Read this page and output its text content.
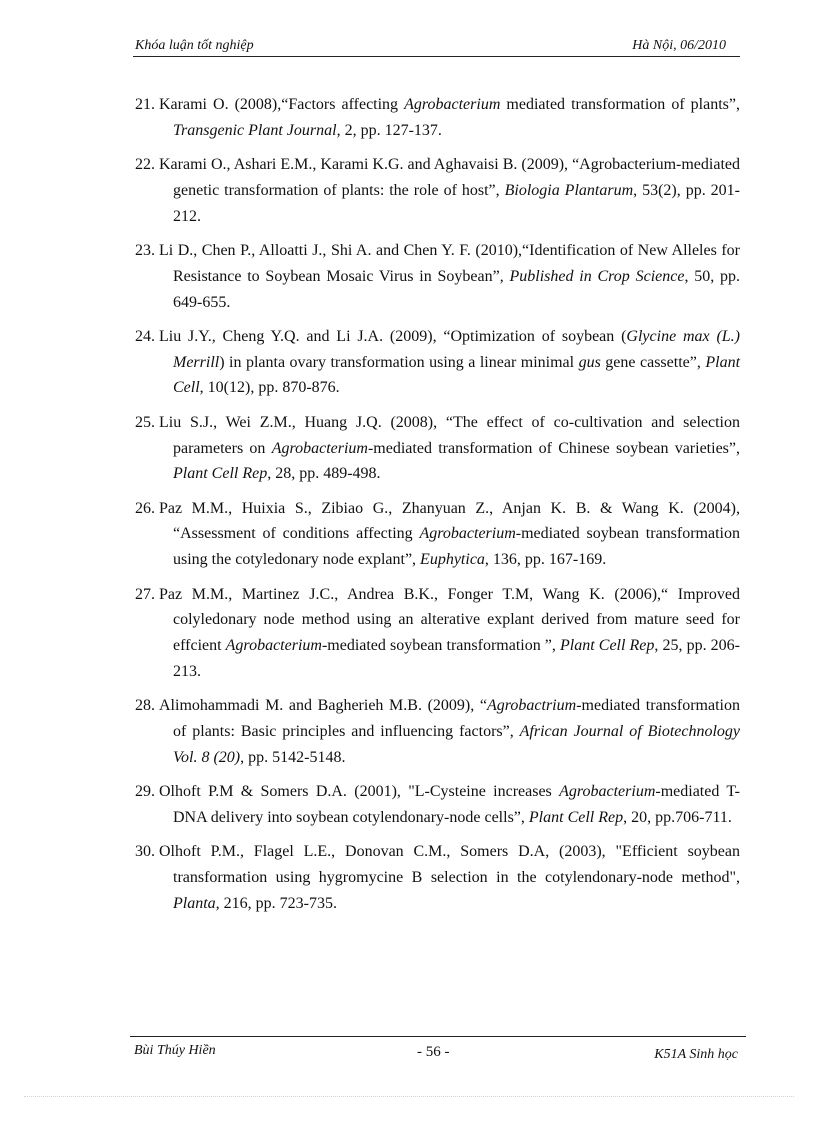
Khóa luận tốt nghiệp	Hà Nội, 06/2010
21. Karami O. (2008),“Factors affecting Agrobacterium mediated transformation of plants”, Transgenic Plant Journal, 2, pp. 127-137.
22. Karami O., Ashari E.M., Karami K.G. and Aghavaisi B. (2009), “Agrobacterium-mediated genetic transformation of plants: the role of host”, Biologia Plantarum, 53(2), pp. 201-212.
23. Li D., Chen P., Alloatti J., Shi A. and Chen Y. F. (2010),“Identification of New Alleles for Resistance to Soybean Mosaic Virus in Soybean”, Published in Crop Science, 50, pp. 649-655.
24. Liu J.Y., Cheng Y.Q. and Li J.A. (2009), “Optimization of soybean (Glycine max (L.) Merrill) in planta ovary transformation using a linear minimal gus gene cassette”, Plant Cell, 10(12), pp. 870-876.
25. Liu S.J., Wei Z.M., Huang J.Q. (2008), “The effect of co-cultivation and selection parameters on Agrobacterium-mediated transformation of Chinese soybean varieties”, Plant Cell Rep, 28, pp. 489-498.
26. Paz M.M., Huixia S., Zibiao G., Zhanyuan Z., Anjan K. B. & Wang K. (2004), “Assessment of conditions affecting Agrobacterium-mediated soybean transformation using the cotyledonary node explant”, Euphytica, 136, pp. 167-169.
27. Paz M.M., Martinez J.C., Andrea B.K., Fonger T.M, Wang K. (2006),“ Improved colyledonary node method using an alterative explant derived from mature seed for effcient Agrobacterium-mediated soybean transformation ”, Plant Cell Rep, 25, pp. 206-213.
28. Alimohammadi M. and Bagherieh M.B. (2009), “Agrobactrium-mediated transformation of plants: Basic principles and influencing factors”, African Journal of Biotechnology Vol. 8 (20), pp. 5142-5148.
29. Olhoft P.M & Somers D.A. (2001), "L-Cysteine increases Agrobacterium-mediated T-DNA delivery into soybean cotylendonary-node cells”, Plant Cell Rep, 20, pp.706-711.
30. Olhoft P.M., Flagel L.E., Donovan C.M., Somers D.A, (2003), "Efficient soybean transformation using hygromycine B selection in the cotylendonary-node method", Planta, 216, pp. 723-735.
Bùi Thúy Hiền	- 56 -	K51A Sinh học
